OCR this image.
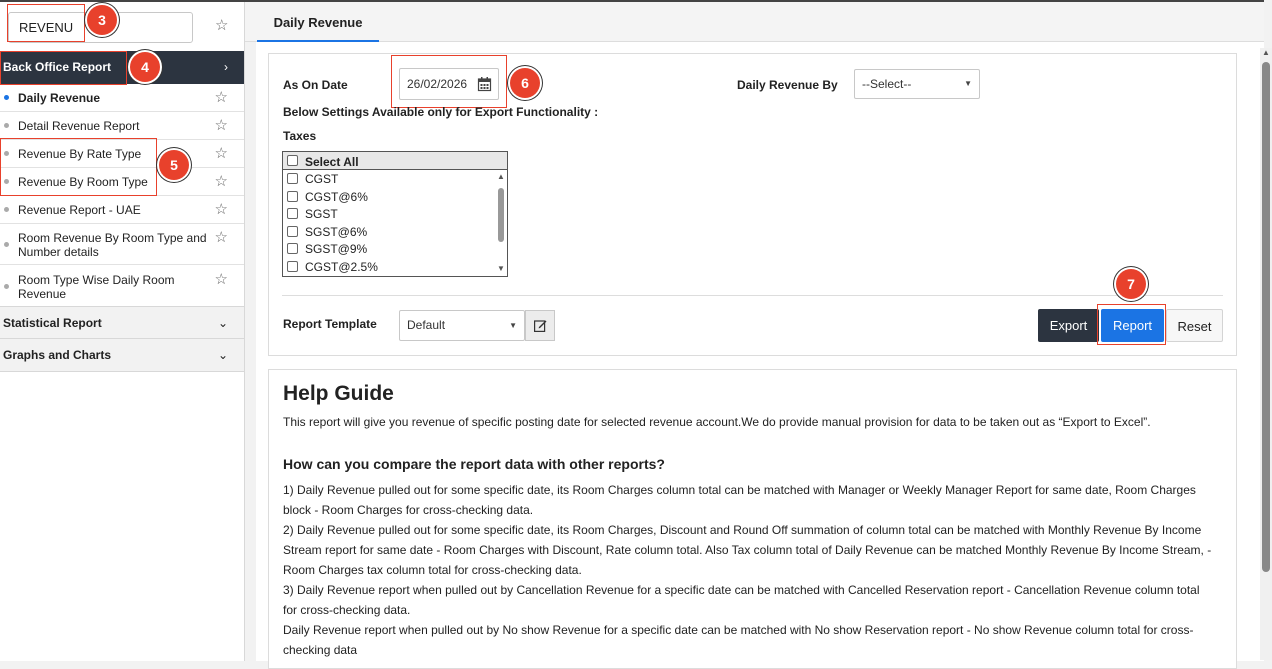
REVENU
3	☆
Back Office Report	›
4
Daily Revenue	☆
Detail Revenue Report	☆
Revenue By Rate Type	☆
Revenue By Room Type	☆
5
Revenue Report - UAE	☆
Room Revenue By Room Type and Number details
☆
Room Type Wise Daily Room Revenue
☆
Statistical Report	⌄
Graphs and Charts	⌄
Daily Revenue
As On Date	26/02/2026	6	Daily Revenue By	--Select--	▼
Below Settings Available only for Export Functionality :
Taxes
Select All
CGST
CGST@6%
SGST
SGST@6%
SGST@9%
CGST@2.5%
▲
▼
Report Template	Default	▼	Export	Report
7
Reset
Help Guide
This report will give you revenue of specific posting date for selected revenue account.We do provide manual provision for data to be taken out as “Export to Excel”.
How can you compare the report data with other reports?
1) Daily Revenue pulled out for some specific date, its Room Charges column total can be matched with Manager or Weekly Manager Report for same date, Room Charges block - Room Charges for cross-checking data.
2) Daily Revenue pulled out for some specific date, its Room Charges, Discount and Round Off summation of column total can be matched with Monthly Revenue By Income Stream report for same date - Room Charges with Discount, Rate column total. Also Tax column total of Daily Revenue can be matched Monthly Revenue By Income Stream, - Room Charges tax column total for cross-checking data.
3) Daily Revenue report when pulled out by Cancellation Revenue for a specific date can be matched with Cancelled Reservation report - Cancellation Revenue column total for cross-checking data.
Daily Revenue report when pulled out by No show Revenue for a specific date can be matched with No show Reservation report - No show Revenue column total for cross-checking data
▲
